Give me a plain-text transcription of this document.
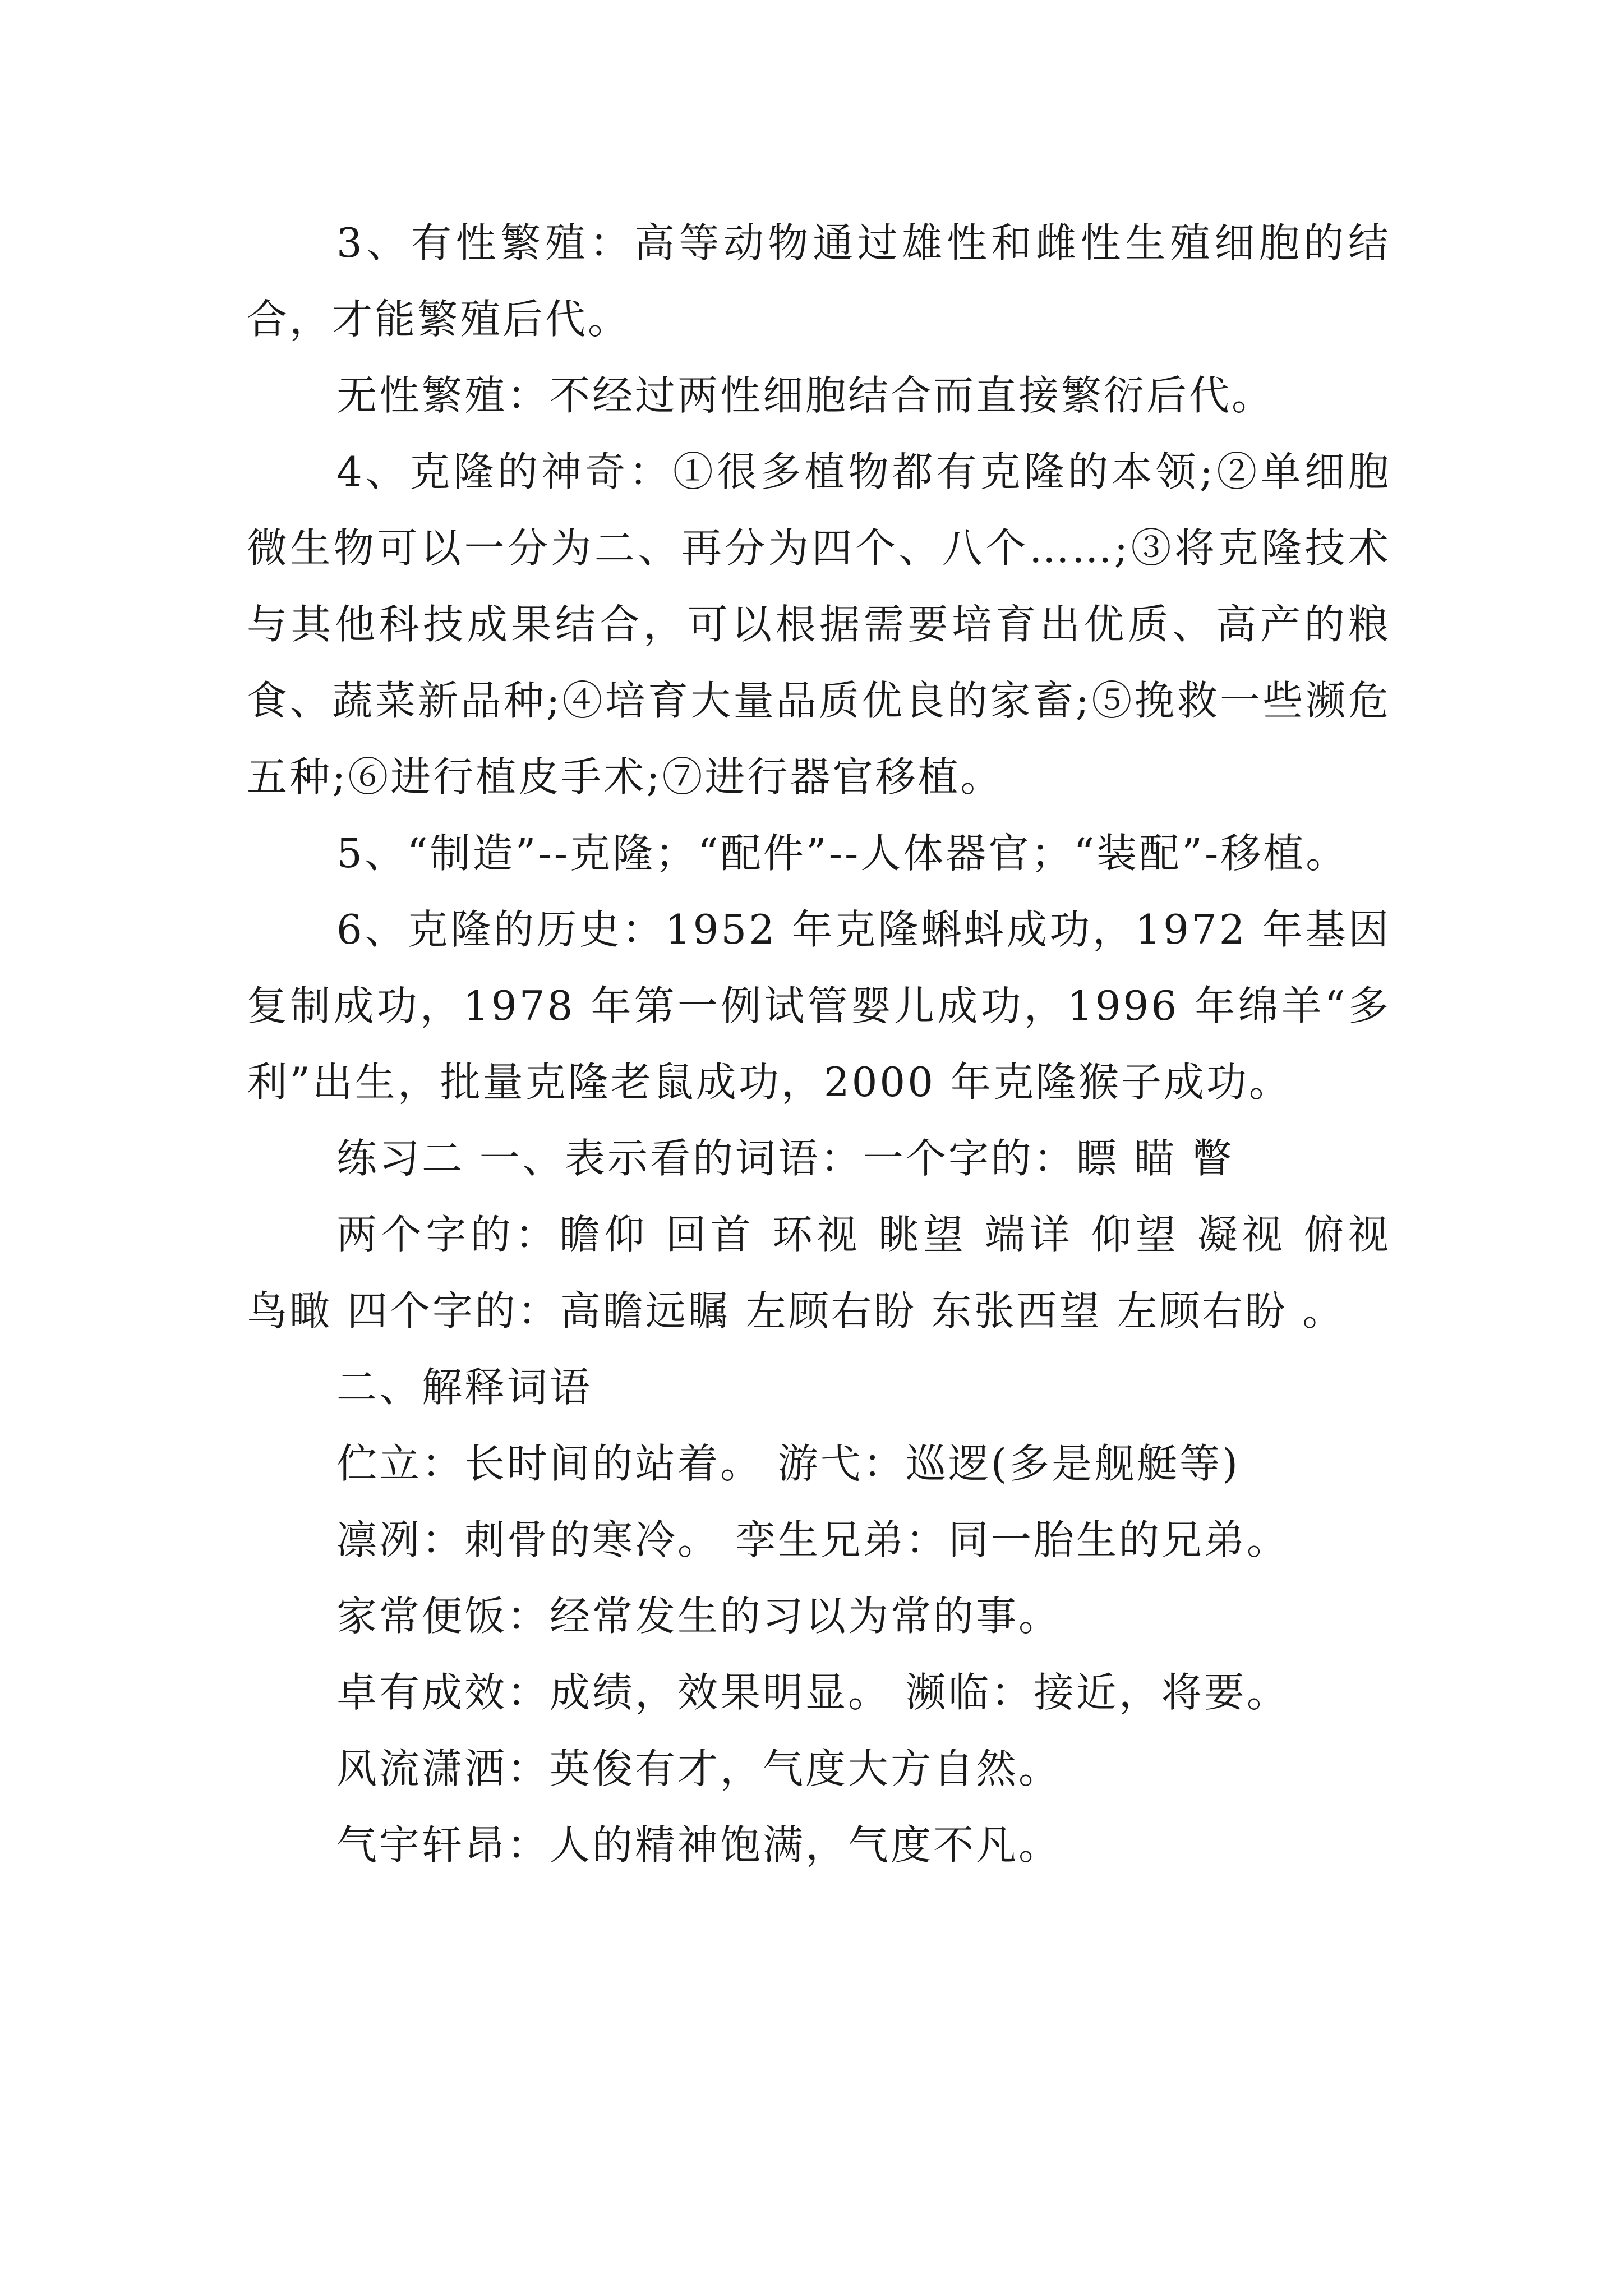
3、有性繁殖：高等动物通过雄性和雌性生殖细胞的结合，才能繁殖后代。

无性繁殖：不经过两性细胞结合而直接繁衍后代。

4、克隆的神奇：①很多植物都有克隆的本领;②单细胞微生物可以一分为二、再分为四个、八个……;③将克隆技术与其他科技成果结合，可以根据需要培育出优质、高产的粮食、蔬菜新品种;④培育大量品质优良的家畜;⑤挽救一些濒危五种;⑥进行植皮手术;⑦进行器官移植。

5、“制造”--克隆；“配件”--人体器官；“装配”-移植。

6、克隆的历史：1952 年克隆蝌蚪成功，1972 年基因复制成功，1978 年第一例试管婴儿成功，1996 年绵羊“多利”出生，批量克隆老鼠成功，2000 年克隆猴子成功。

练习二 一、表示看的词语：一个字的：瞟 瞄 瞥

两个字的：瞻仰 回首 环视 眺望 端详 仰望 凝视 俯视 鸟瞰 四个字的：高瞻远瞩 左顾右盼 东张西望 左顾右盼 。

二、解释词语

伫立：长时间的站着。 游弋：巡逻(多是舰艇等)

凛冽：刺骨的寒冷。 孪生兄弟：同一胎生的兄弟。

家常便饭：经常发生的习以为常的事。

卓有成效：成绩，效果明显。 濒临：接近，将要。

风流潇洒：英俊有才，气度大方自然。

气宇轩昂：人的精神饱满，气度不凡。
